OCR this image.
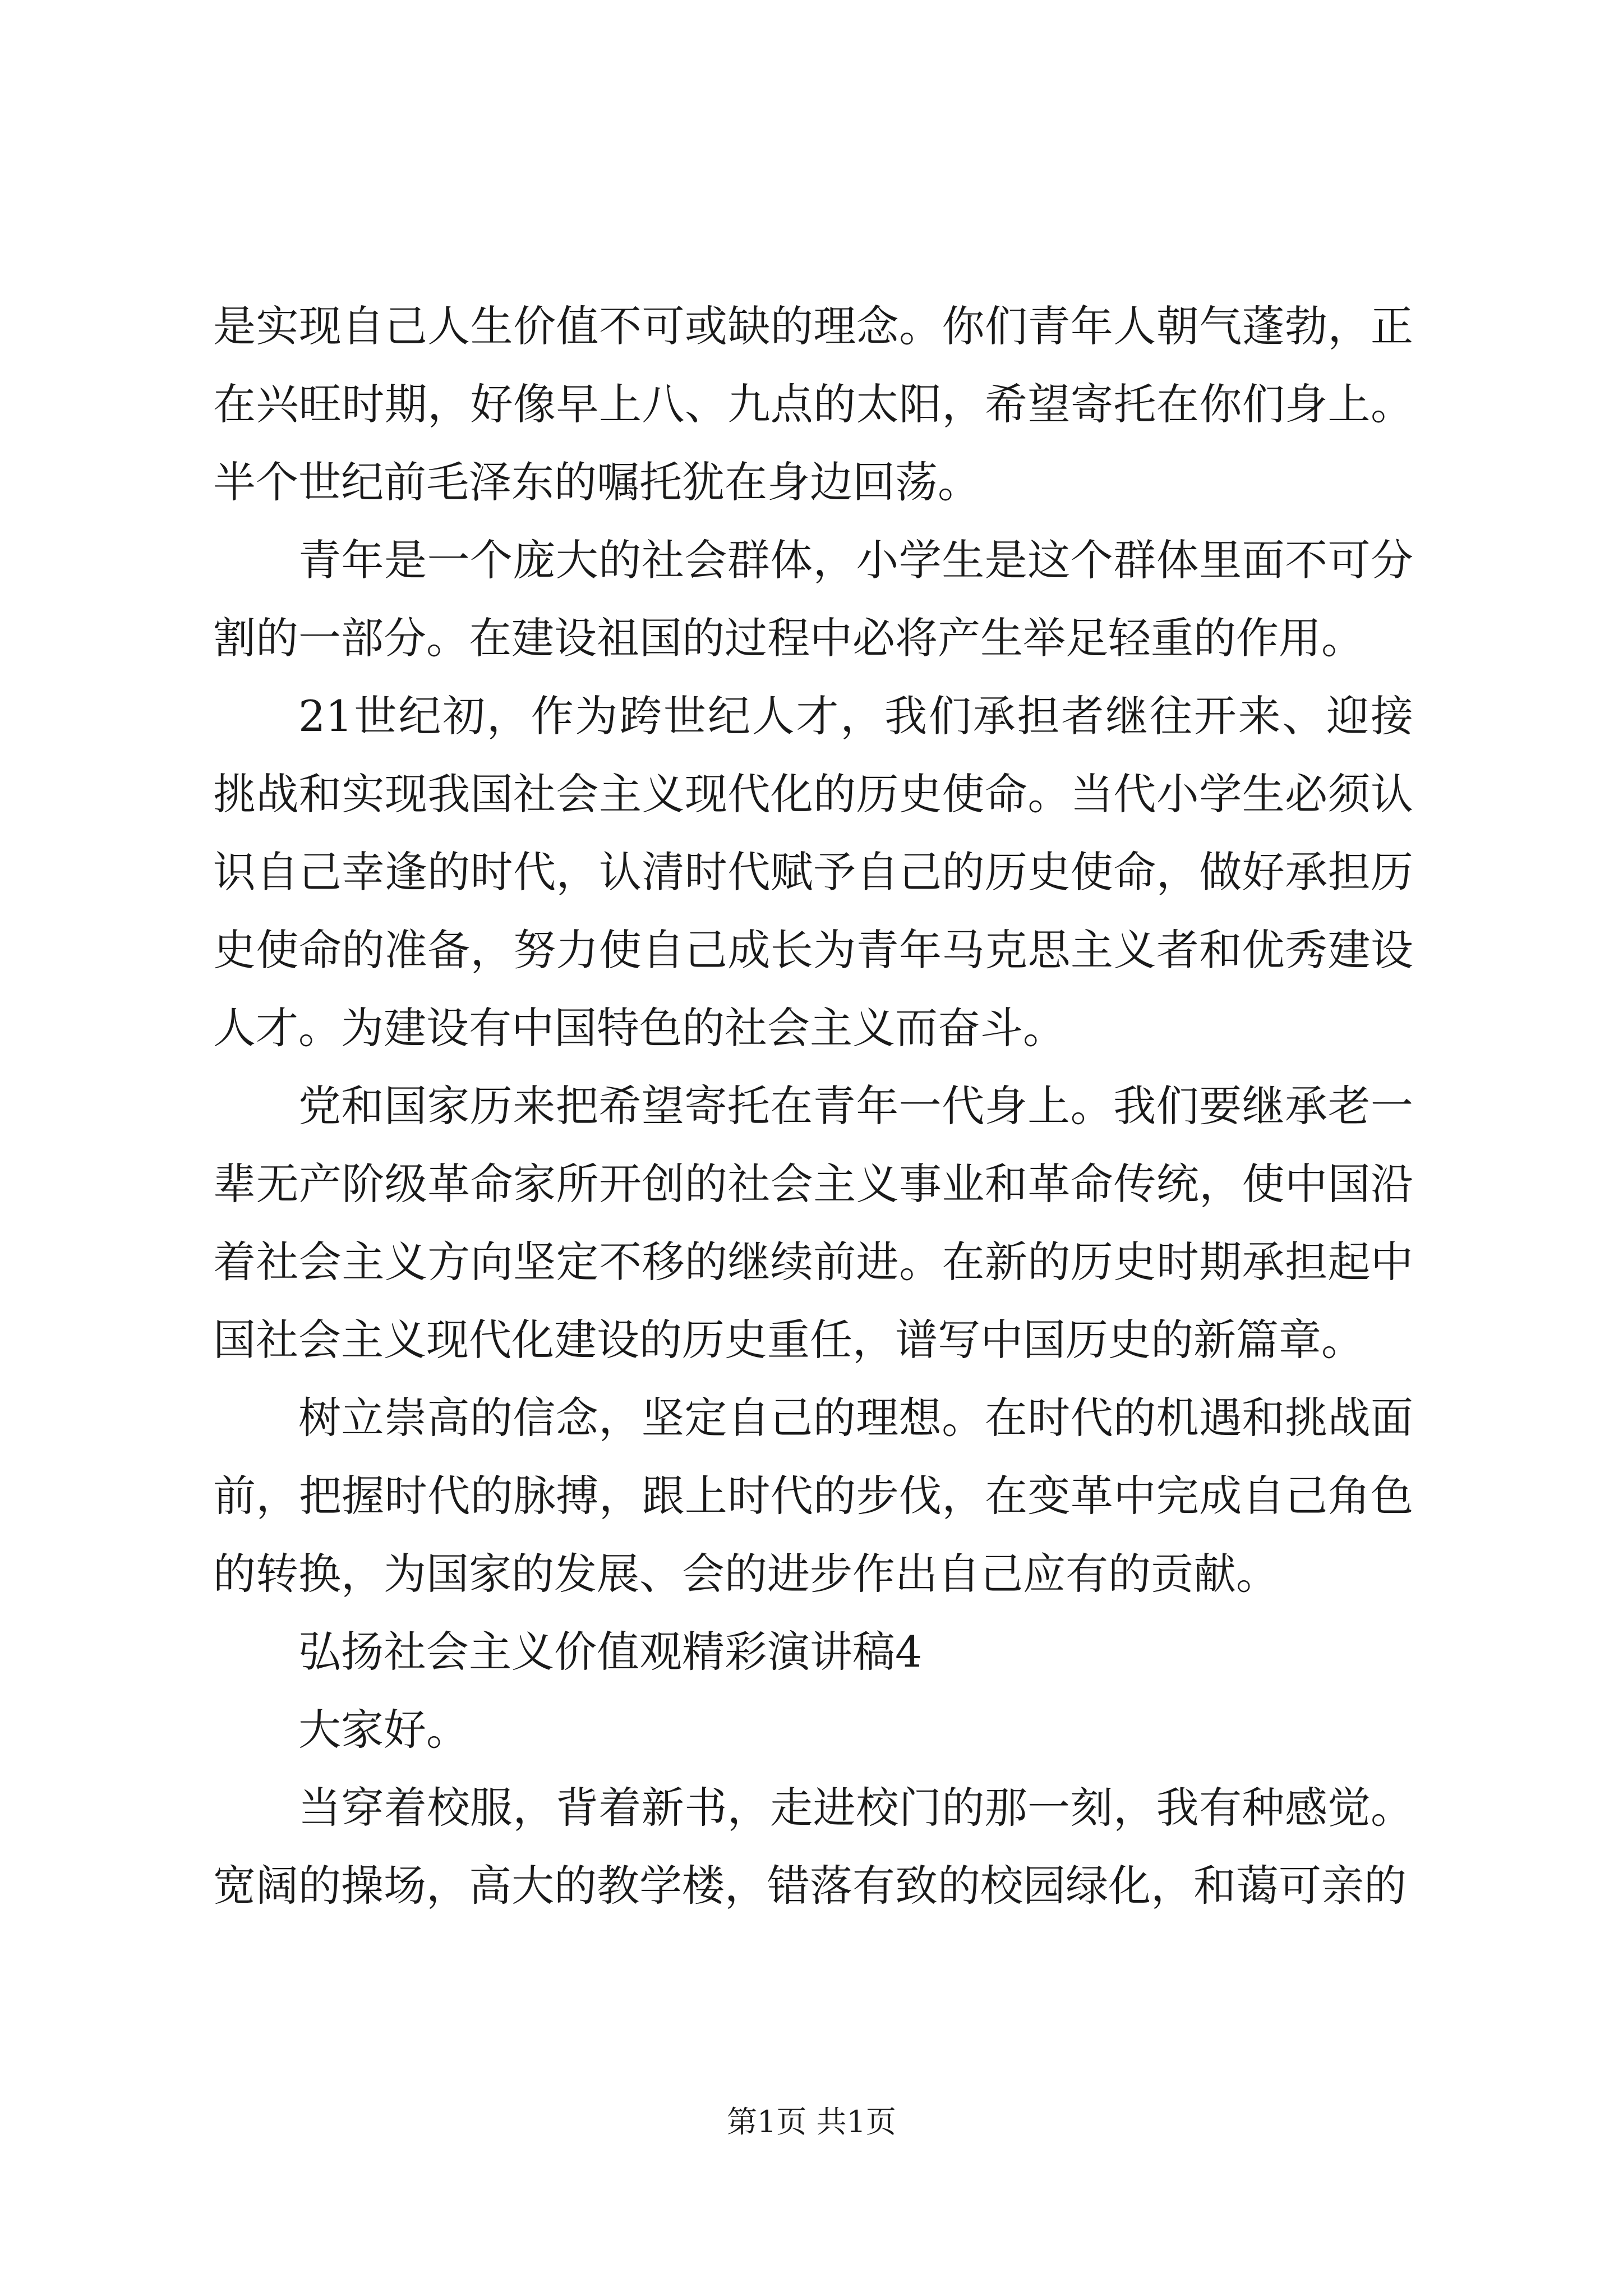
是实现自己人生价值不可或缺的理念。你们青年人朝气蓬勃，正在兴旺时期，好像早上八、九点的太阳，希望寄托在你们身上。半个世纪前毛泽东的嘱托犹在身边回荡。

青年是一个庞大的社会群体，小学生是这个群体里面不可分割的一部分。在建设祖国的过程中必将产生举足轻重的作用。

21世纪初，作为跨世纪人才，我们承担者继往开来、迎接挑战和实现我国社会主义现代化的历史使命。当代小学生必须认识自己幸逢的时代，认清时代赋予自己的历史使命，做好承担历史使命的准备，努力使自己成长为青年马克思主义者和优秀建设人才。为建设有中国特色的社会主义而奋斗。

党和国家历来把希望寄托在青年一代身上。我们要继承老一辈无产阶级革命家所开创的社会主义事业和革命传统，使中国沿着社会主义方向坚定不移的继续前进。在新的历史时期承担起中国社会主义现代化建设的历史重任，谱写中国历史的新篇章。

树立崇高的信念，坚定自己的理想。在时代的机遇和挑战面前，把握时代的脉搏，跟上时代的步伐，在变革中完成自己角色的转换，为国家的发展、会的进步作出自己应有的贡献。

弘扬社会主义价值观精彩演讲稿4

大家好。

当穿着校服，背着新书，走进校门的那一刻，我有种感觉。宽阔的操场，高大的教学楼，错落有致的校园绿化，和蔼可亲的

第1页 共1页
